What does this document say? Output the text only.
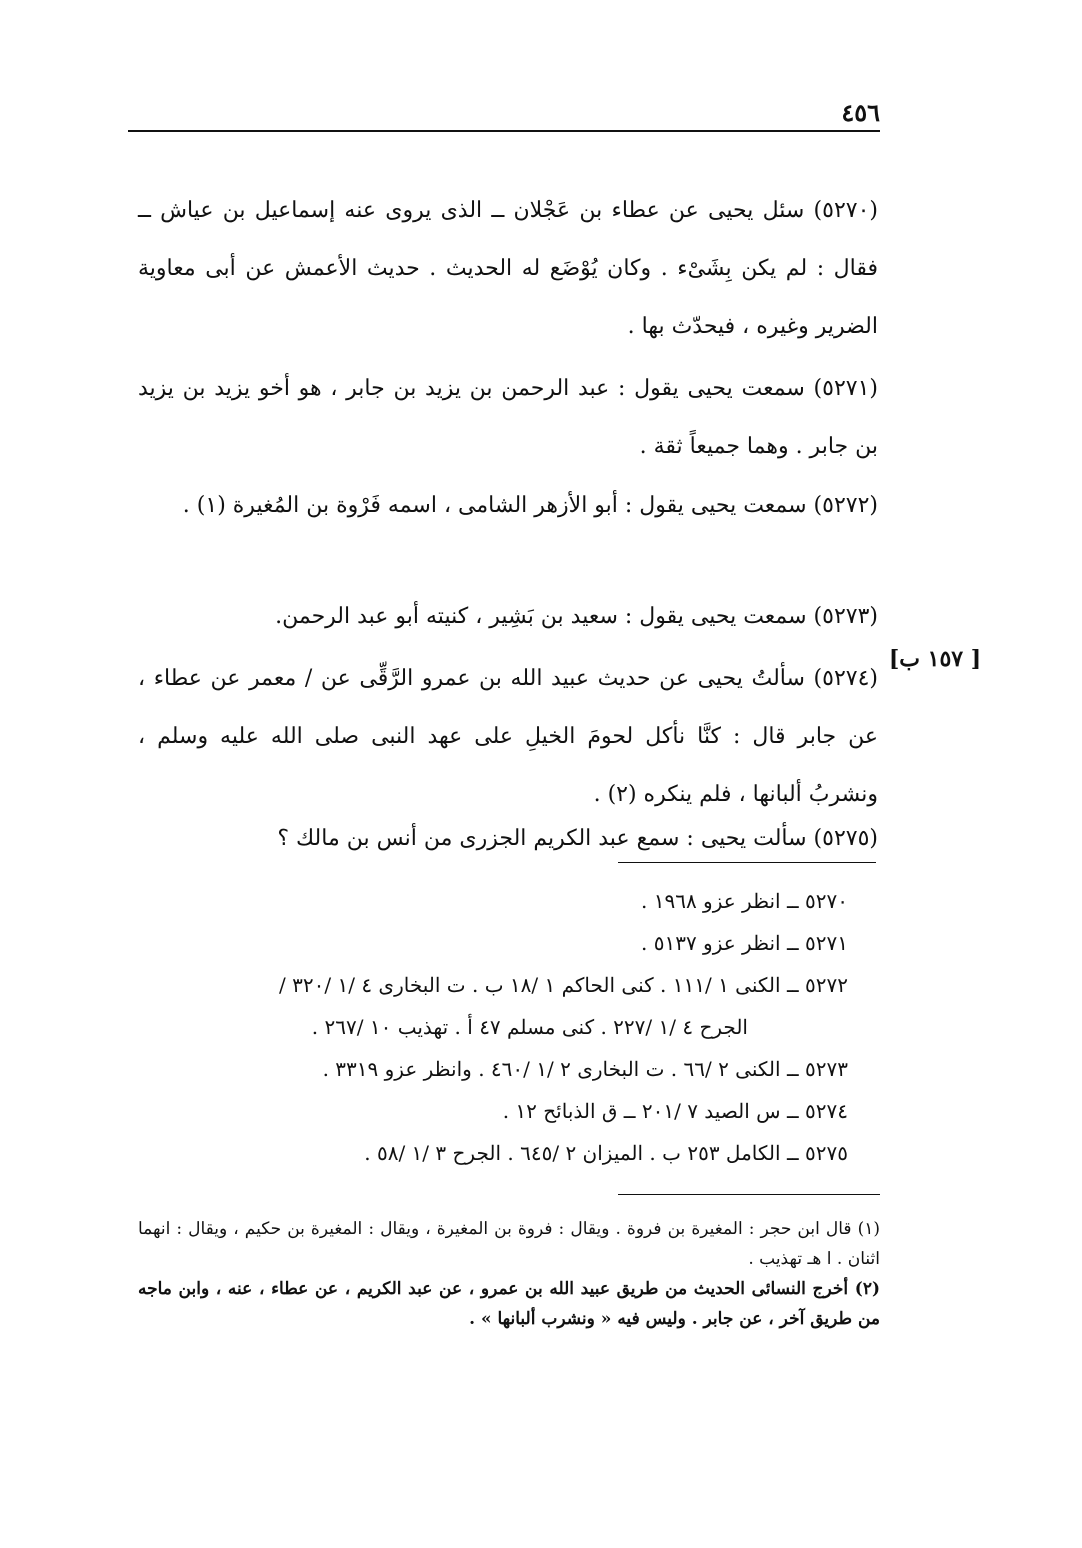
٤٥٦

(٥٢٧٠) سئل يحيى عن عطاء بن عَجْلان ــ الذى يروى عنه إسماعيل بن عياش ــ فقال : لم يكن بِشَىْء . وكان يُوْضَع له الحديث . حديث الأعمش عن أبى معاوية الضرير وغيره ، فيحدّث بها .

(٥٢٧١) سمعت يحيى يقول : عبد الرحمن بن يزيد بن جابر ، هو أخو يزيد بن يزيد بن جابر . وهما جميعاً ثقة .

(٥٢٧٢) سمعت يحيى يقول : أبو الأزهر الشامى ، اسمه فَرْوة بن المُغيرة (١) .

(٥٢٧٣) سمعت يحيى يقول : سعيد بن بَشِير ، كنيته أبو عبد الرحمن.

[ ١٥٧ ب]

(٥٢٧٤) سألتُ يحيى عن حديث عبيد الله بن عمرو الرَّقِّى عن / معمر عن عطاء ، عن جابر قال : كنَّا نأكل لحومَ الخيلِ على عهد النبى صلى الله عليه وسلم ، ونشربُ ألبانها ، فلم ينكره (٢) .

(٥٢٧٥) سألت يحيى : سمع عبد الكريم الجزرى من أنس بن مالك ؟

٥٢٧٠ ــ انظر عزو ١٩٦٨ .
٥٢٧١ ــ انظر عزو ٥١٣٧ .
٥٢٧٢ ــ الكنى ١ /١١١ . كنى الحاكم ١ /١٨ ب . ت البخارى ٤ /١ /٣٢٠ /
الجرح ٤ /١ /٢٢٧ . كنى مسلم ٤٧ أ . تهذيب ١٠ /٢٦٧ .
٥٢٧٣ ــ الكنى ٢ /٦٦ . ت البخارى ٢ /١ /٤٦٠ . وانظر عزو ٣٣١٩ .
٥٢٧٤ ــ س الصيد ٧ /٢٠١ ــ ق الذبائح ١٢ .
٥٢٧٥ ــ الكامل ٢٥٣ ب . الميزان ٢ /٦٤٥ . الجرح ٣ /١ /٥٨ .

(١) قال ابن حجر : المغيرة بن فروة . ويقال : فروة بن المغيرة ، ويقال : المغيرة بن حكيم ، ويقال : انهما اثنان . ا هـ تهذيب .

(٢) أخرج النسائى الحديث من طريق عبيد الله بن عمرو ، عن عبد الكريم ، عن عطاء ، عنه ، وابن ماجه من طريق آخر ، عن جابر . وليس فيه « ونشرب ألبانها » .
